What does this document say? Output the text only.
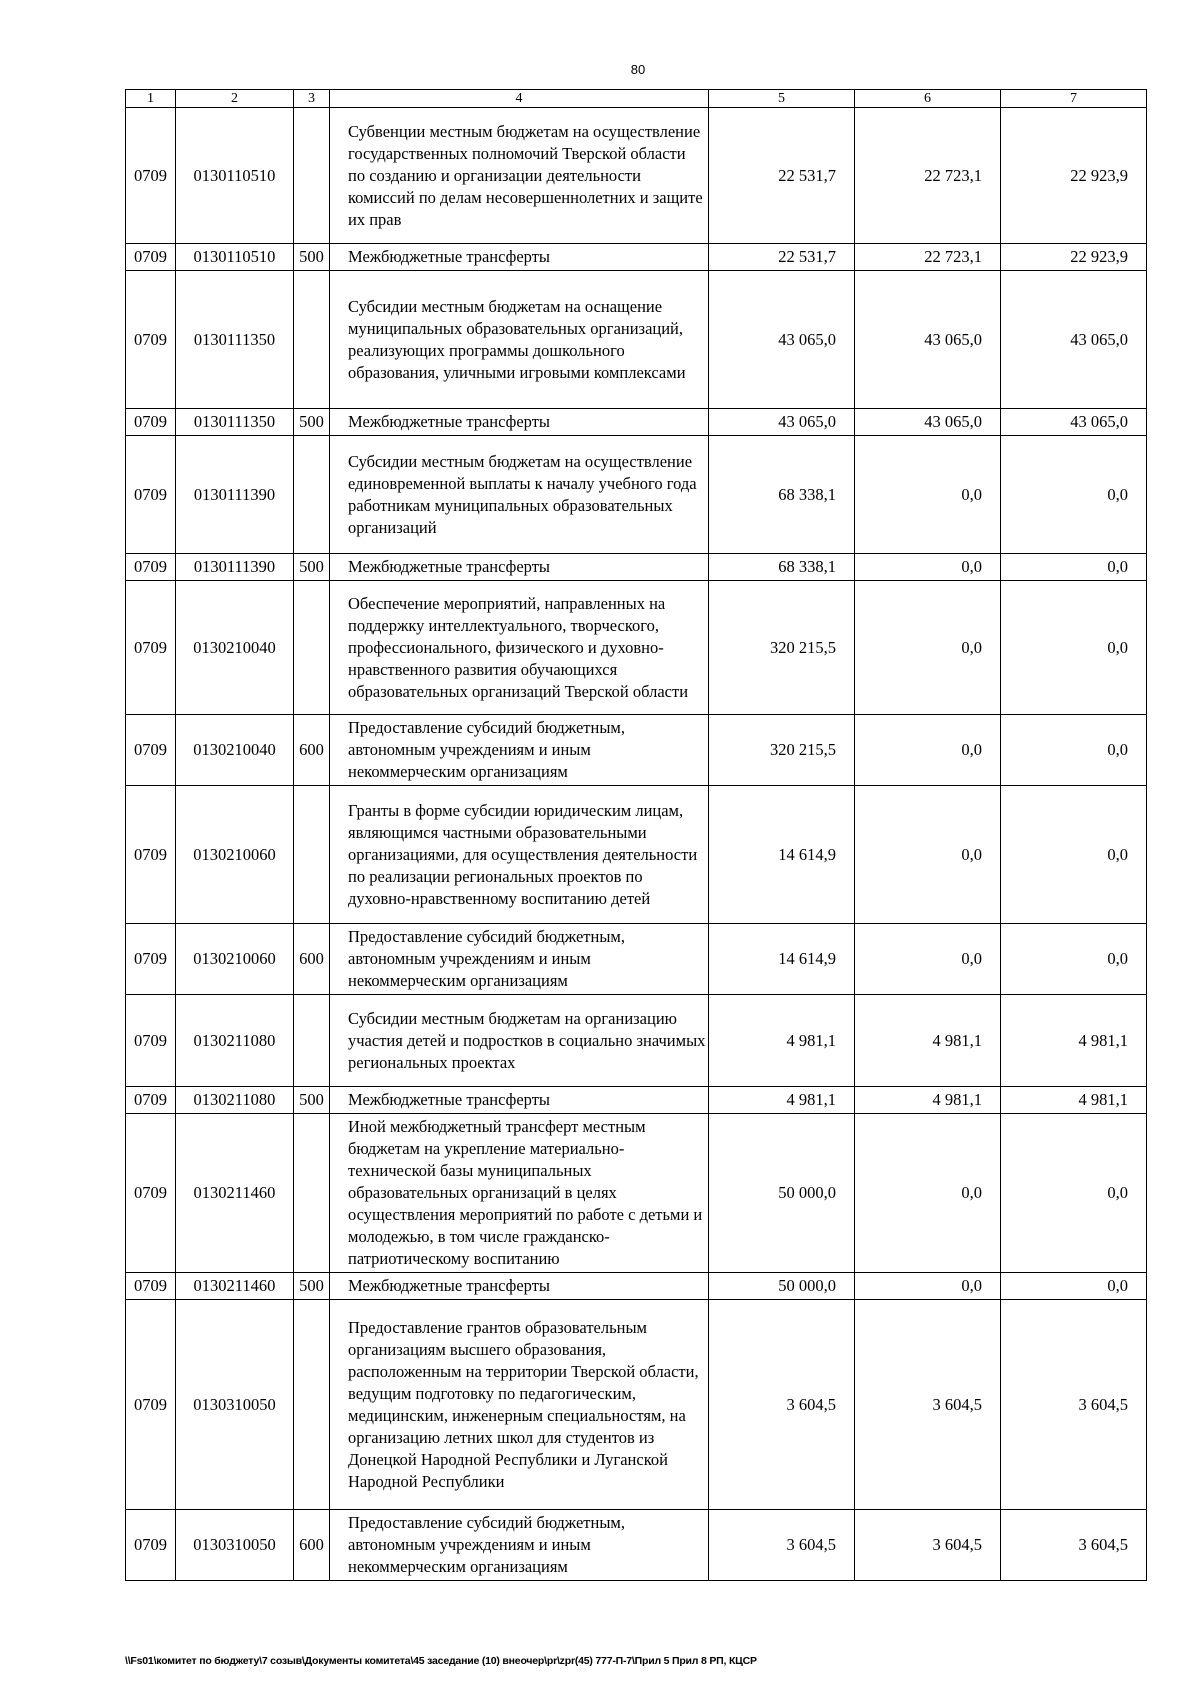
80
1	2	3	4	5	6	7
0709	0130110510		Субвенции местным бюджетам на осуществление государственных полномочий Тверской области по созданию и организации деятельности комиссий по делам несовершеннолетних и защите их прав	22 531,7	22 723,1	22 923,9
0709	0130110510	500	Межбюджетные трансферты	22 531,7	22 723,1	22 923,9
0709	0130111350		Субсидии местным бюджетам на оснащение муниципальных образовательных организаций, реализующих программы дошкольного образования, уличными игровыми комплексами	43 065,0	43 065,0	43 065,0
0709	0130111350	500	Межбюджетные трансферты	43 065,0	43 065,0	43 065,0
0709	0130111390		Субсидии местным бюджетам на осуществление единовременной выплаты к началу учебного года работникам муниципальных образовательных организаций	68 338,1	0,0	0,0
0709	0130111390	500	Межбюджетные трансферты	68 338,1	0,0	0,0
0709	0130210040		Обеспечение мероприятий, направленных на поддержку интеллектуального, творческого, профессионального, физического и духовно-нравственного развития обучающихся образовательных организаций Тверской области	320 215,5	0,0	0,0
0709	0130210040	600	Предоставление субсидий бюджетным, автономным учреждениям и иным некоммерческим организациям	320 215,5	0,0	0,0
0709	0130210060		Гранты в форме субсидии юридическим лицам, являющимся частными образовательными организациями, для осуществления деятельности по реализации региональных проектов по духовно-нравственному воспитанию детей	14 614,9	0,0	0,0
0709	0130210060	600	Предоставление субсидий бюджетным, автономным учреждениям и иным некоммерческим организациям	14 614,9	0,0	0,0
0709	0130211080		Субсидии местным бюджетам на организацию участия детей и подростков в социально значимых региональных проектах	4 981,1	4 981,1	4 981,1
0709	0130211080	500	Межбюджетные трансферты	4 981,1	4 981,1	4 981,1
0709	0130211460		Иной межбюджетный трансферт местным бюджетам на укрепление материально-технической базы муниципальных образовательных организаций в целях осуществления мероприятий по работе с детьми и молодежью, в том числе гражданско-патриотическому воспитанию	50 000,0	0,0	0,0
0709	0130211460	500	Межбюджетные трансферты	50 000,0	0,0	0,0
0709	0130310050		Предоставление грантов образовательным организациям высшего образования, расположенным на территории Тверской области, ведущим подготовку по педагогическим, медицинским, инженерным специальностям, на организацию летних школ для студентов из Донецкой Народной Республики и Луганской Народной Республики	3 604,5	3 604,5	3 604,5
0709	0130310050	600	Предоставление субсидий бюджетным, автономным учреждениям и иным некоммерческим организациям	3 604,5	3 604,5	3 604,5
\\Fs01\комитет по бюджету\7 созыв\Документы комитета\45 заседание (10) внеочер\pr\zpr(45) 777-П-7\Прил 5 Прил 8 РП, КЦСР
